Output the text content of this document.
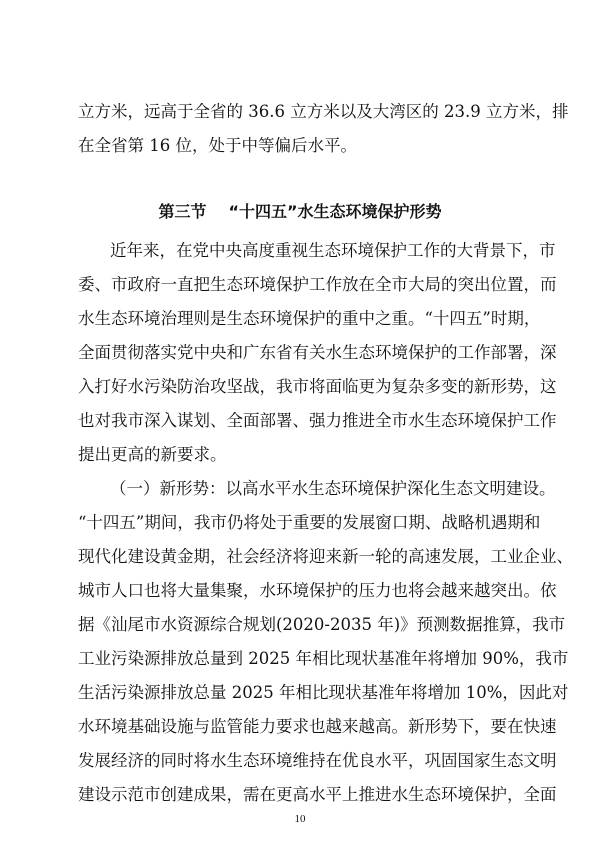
立方米，远高于全省的 36.6 立方米以及大湾区的 23.9 立方米，排
在全省第 16 位，处于中等偏后水平。
第三节 “十四五”水生态环境保护形势
近年来，在党中央高度重视生态环境保护工作的大背景下，市
委、市政府一直把生态环境保护工作放在全市大局的突出位置，而
水生态环境治理则是生态环境保护的重中之重。“十四五”时期，
全面贯彻落实党中央和广东省有关水生态环境保护的工作部署，深
入打好水污染防治攻坚战，我市将面临更为复杂多变的新形势，这
也对我市深入谋划、全面部署、强力推进全市水生态环境保护工作
提出更高的新要求。
（一）新形势：以高水平水生态环境保护深化生态文明建设。
“十四五”期间，我市仍将处于重要的发展窗口期、战略机遇期和
现代化建设黄金期，社会经济将迎来新一轮的高速发展，工业企业、
城市人口也将大量集聚，水环境保护的压力也将会越来越突出。依
据《汕尾市水资源综合规划(2020-2035 年)》预测数据推算，我市
工业污染源排放总量到 2025 年相比现状基准年将增加 90%，我市
生活污染源排放总量 2025 年相比现状基准年将增加 10%，因此对
水环境基础设施与监管能力要求也越来越高。新形势下，要在快速
发展经济的同时将水生态环境维持在优良水平，巩固国家生态文明
建设示范市创建成果，需在更高水平上推进水生态环境保护，全面
10
